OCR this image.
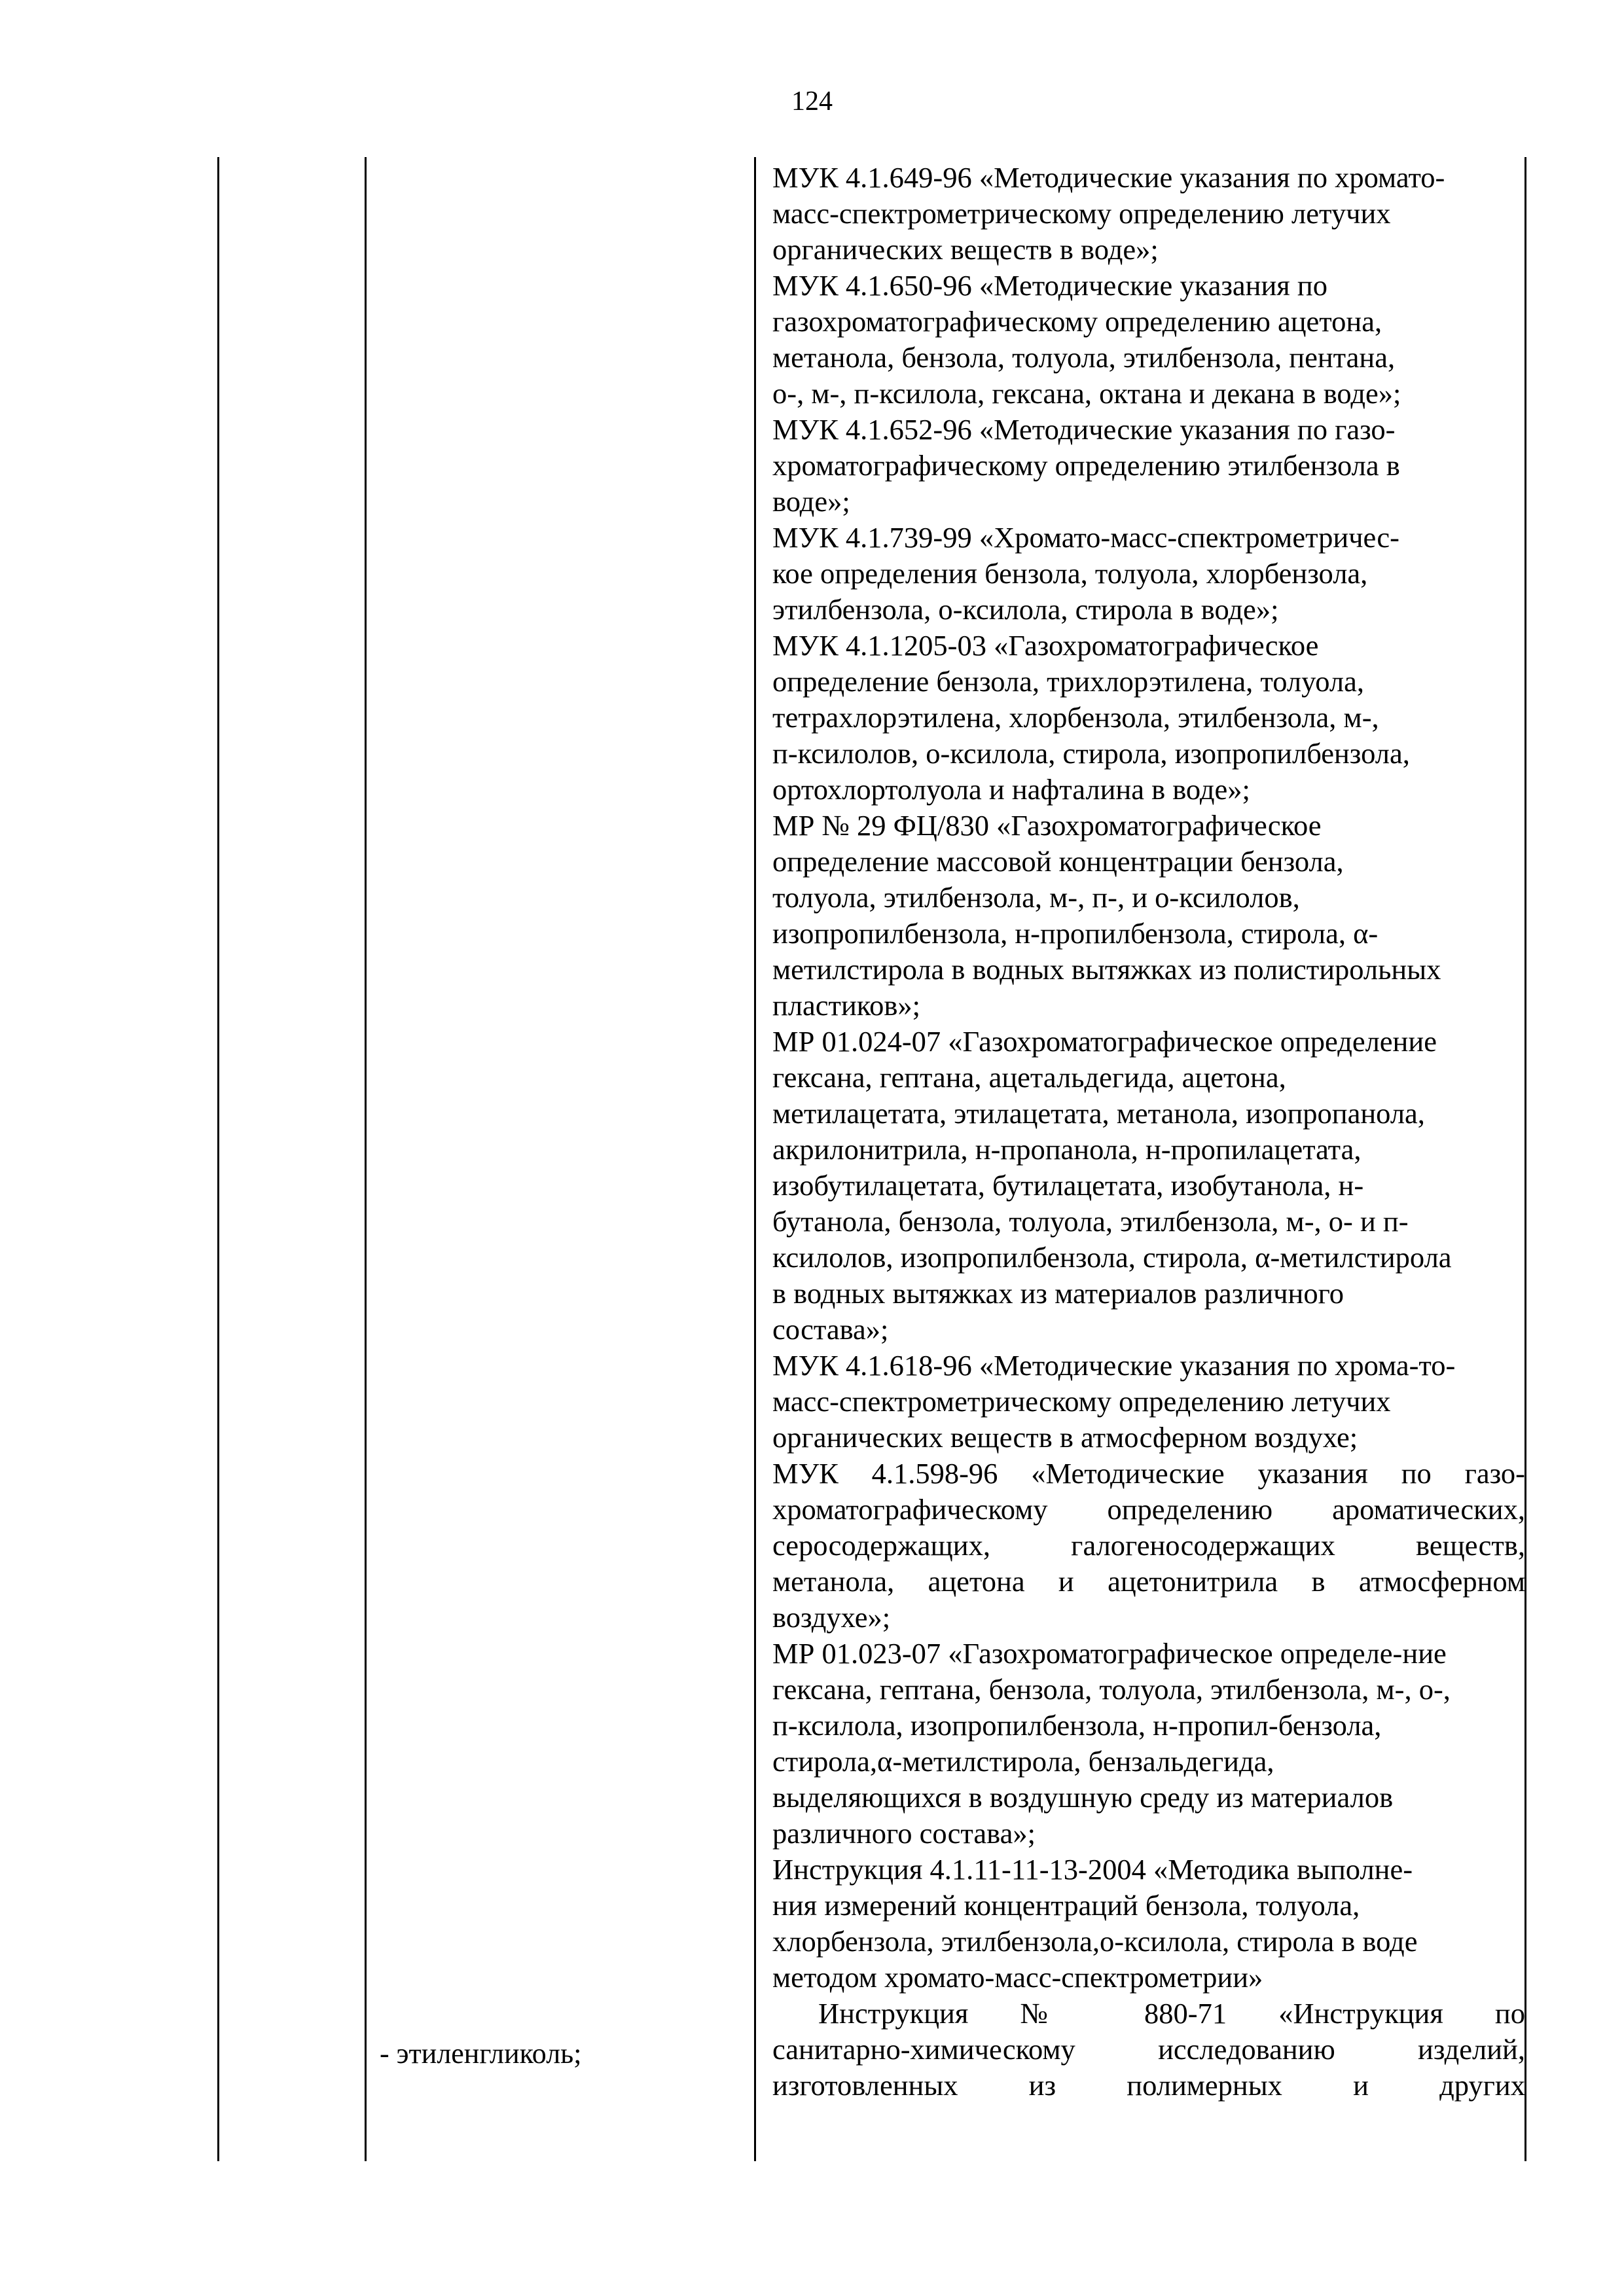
124
- этиленгликоль;
МУК 4.1.649-96 «Методические указания по хромато-
масс-спектрометрическому определению летучих
органических веществ в воде»;
МУК 4.1.650-96 «Методические указания по
газохроматографическому определению ацетона,
метанола, бензола, толуола, этилбензола, пентана,
о-, м-, п-ксилола, гексана, октана и декана в воде»;
МУК 4.1.652-96 «Методические указания по газо-
хроматографическому определению этилбензола в
воде»;
МУК 4.1.739-99 «Хромато-масс-спектрометричес-
кое определения бензола, толуола, хлорбензола,
этилбензола, о-ксилола, стирола в воде»;
МУК 4.1.1205-03 «Газохроматографическое
определение бензола, трихлорэтилена, толуола,
тетрахлорэтилена, хлорбензола, этилбензола, м-,
п-ксилолов, о-ксилола, стирола, изопропилбензола,
ортохлортолуола и нафталина в воде»;
МР № 29 ФЦ/830 «Газохроматографическое
определение массовой концентрации бензола,
толуола, этилбензола, м-, п-, и о-ксилолов,
изопропилбензола, н-пропилбензола, стирола, α-
метилстирола в водных вытяжках из полистирольных
пластиков»;
МР 01.024-07 «Газохроматографическое определение
гексана, гептана, ацетальдегида, ацетона,
метилацетата, этилацетата, метанола, изопропанола,
акрилонитрила, н-пропанола, н-пропилацетата,
изобутилацетата, бутилацетата, изобутанола, н-
бутанола, бензола, толуола, этилбензола, м-, о- и п-
ксилолов, изопропилбензола, стирола, α-метилстирола
в водных вытяжках из материалов различного
состава»;
МУК 4.1.618-96 «Методические указания по хрома-то-
масс-спектрометрическому определению летучих
органических веществ в атмосферном воздухе;
МУК 4.1.598-96 «Методические указания по газо-
хроматографическому определению ароматических,
серосодержащих, галогеносодержащих веществ,
метанола, ацетона и ацетонитрила в атмосферном
воздухе»;
МР 01.023-07 «Газохроматографическое определе-ние
гексана, гептана, бензола, толуола, этилбензола, м-, о-,
п-ксилола, изопропилбензола, н-пропил-бензола,
стирола,α-метилстирола, бензальдегида,
выделяющихся в воздушную среду из материалов
различного состава»;
Инструкция 4.1.11-11-13-2004 «Методика выполне-
ния измерений концентраций бензола, толуола,
хлорбензола, этилбензола,о-ксилола, стирола в воде
методом хромато-масс-спектрометрии»
Инструкция № 880-71 «Инструкция по
санитарно-химическому исследованию изделий,
изготовленных из полимерных и других
